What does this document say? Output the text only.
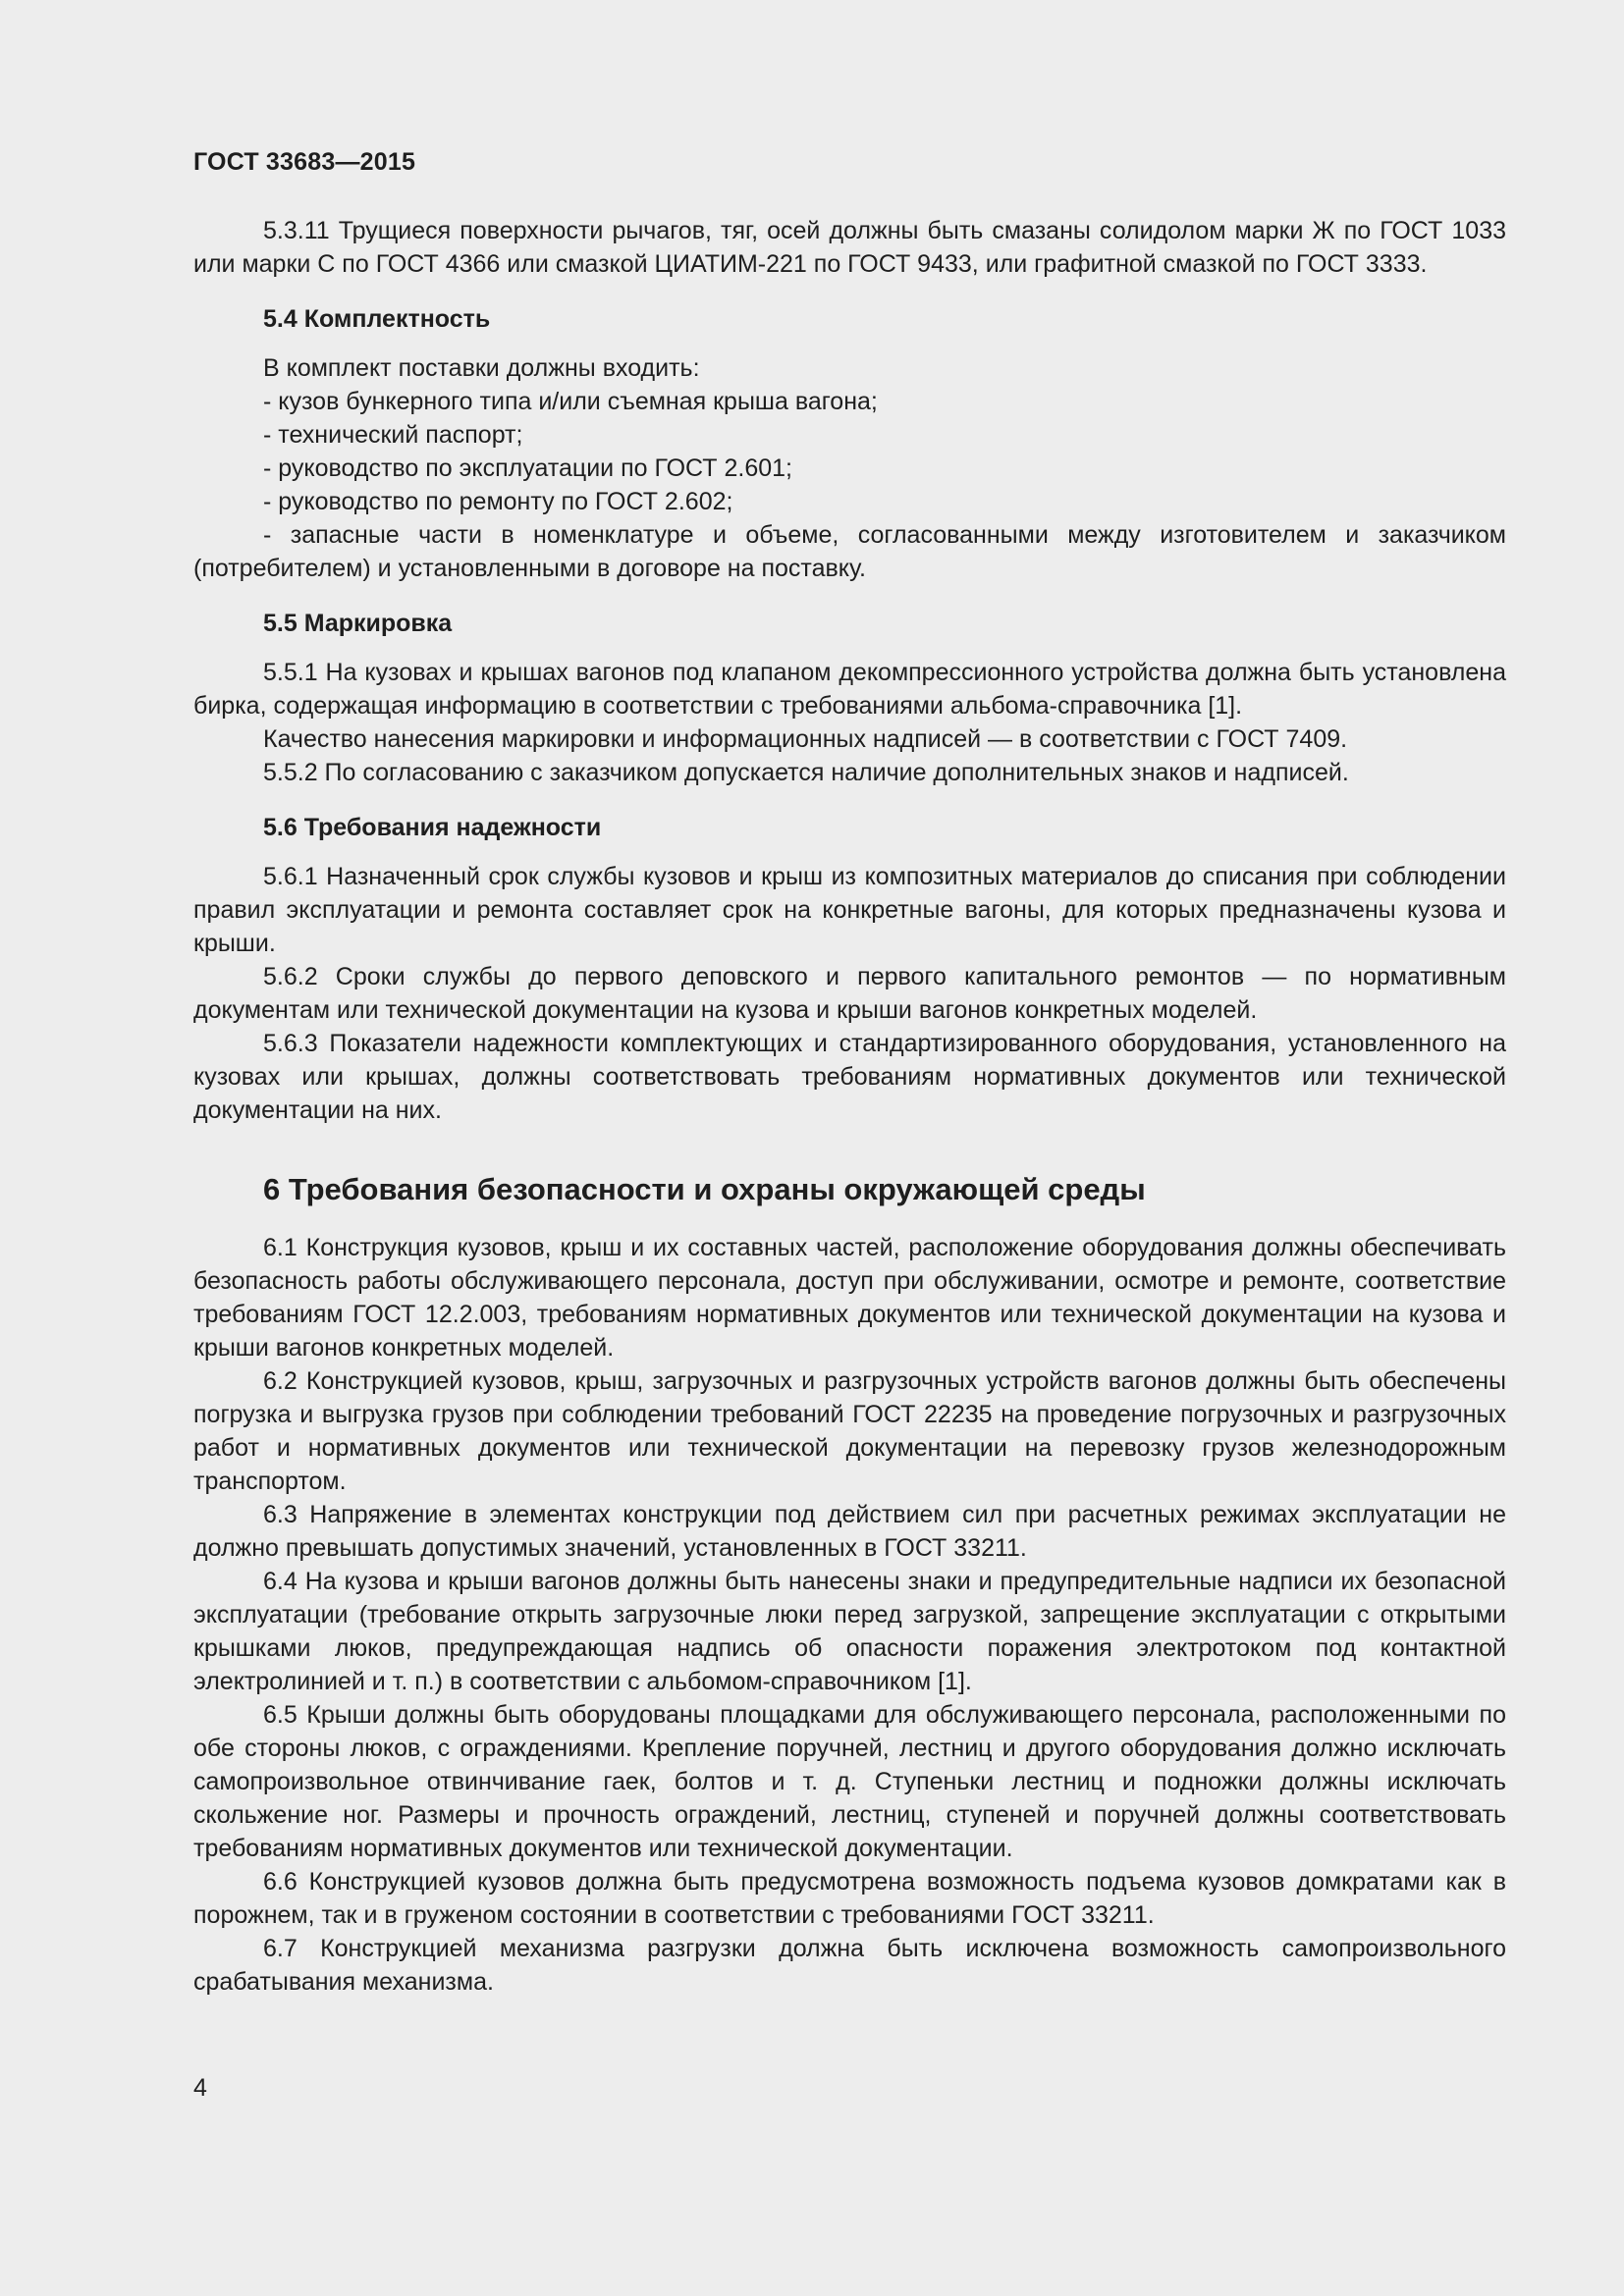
ГОСТ 33683—2015

5.3.11 Трущиеся поверхности рычагов, тяг, осей должны быть смазаны солидолом марки Ж по ГОСТ 1033 или марки С по ГОСТ 4366 или смазкой ЦИАТИМ-221 по ГОСТ 9433, или графитной смазкой по ГОСТ 3333.

5.4 Комплектность

В комплект поставки должны входить:

- кузов бункерного типа и/или съемная крыша вагона;

- технический паспорт;

- руководство по эксплуатации по ГОСТ 2.601;

- руководство по ремонту по ГОСТ 2.602;

- запасные части в номенклатуре и объеме, согласованными между изготовителем и заказчиком (потребителем) и установленными в договоре на поставку.

5.5 Маркировка

5.5.1 На кузовах и крышах вагонов под клапаном декомпрессионного устройства должна быть установлена бирка, содержащая информацию в соответствии с требованиями альбома-справочника [1].

Качество нанесения маркировки и информационных надписей — в соответствии с ГОСТ 7409.

5.5.2 По согласованию с заказчиком допускается наличие дополнительных знаков и надписей.

5.6 Требования надежности

5.6.1 Назначенный срок службы кузовов и крыш из композитных материалов до списания при соблюдении правил эксплуатации и ремонта составляет срок на конкретные вагоны, для которых предназначены кузова и крыши.

5.6.2 Сроки службы до первого деповского и первого капитального ремонтов — по нормативным документам или технической документации на кузова и крыши вагонов конкретных моделей.

5.6.3 Показатели надежности комплектующих и стандартизированного оборудования, установленного на кузовах или крышах, должны соответствовать требованиям нормативных документов или технической документации на них.

6 Требования безопасности и охраны окружающей среды

6.1 Конструкция кузовов, крыш и их составных частей, расположение оборудования должны обеспечивать безопасность работы обслуживающего персонала, доступ при обслуживании, осмотре и ремонте, соответствие требованиям ГОСТ 12.2.003, требованиям нормативных документов или технической документации на кузова и крыши вагонов конкретных моделей.

6.2 Конструкцией кузовов, крыш, загрузочных и разгрузочных устройств вагонов должны быть обеспечены погрузка и выгрузка грузов при соблюдении требований ГОСТ 22235 на проведение погрузочных и разгрузочных работ и нормативных документов или технической документации на перевозку грузов железнодорожным транспортом.

6.3 Напряжение в элементах конструкции под действием сил при расчетных режимах эксплуатации не должно превышать допустимых значений, установленных в ГОСТ 33211.

6.4 На кузова и крыши вагонов должны быть нанесены знаки и предупредительные надписи их безопасной эксплуатации (требование открыть загрузочные люки перед загрузкой, запрещение эксплуатации с открытыми крышками люков, предупреждающая надпись об опасности поражения электротоком под контактной электролинией и т. п.) в соответствии с альбомом-справочником [1].

6.5 Крыши должны быть оборудованы площадками для обслуживающего персонала, расположенными по обе стороны люков, с ограждениями. Крепление поручней, лестниц и другого оборудования должно исключать самопроизвольное отвинчивание гаек, болтов и т. д. Ступеньки лестниц и подножки должны исключать скольжение ног. Размеры и прочность ограждений, лестниц, ступеней и поручней должны соответствовать требованиям нормативных документов или технической документации.

6.6 Конструкцией кузовов должна быть предусмотрена возможность подъема кузовов домкратами как в порожнем, так и в груженом состоянии в соответствии с требованиями ГОСТ 33211.

6.7 Конструкцией механизма разгрузки должна быть исключена возможность самопроизвольного срабатывания механизма.

4
